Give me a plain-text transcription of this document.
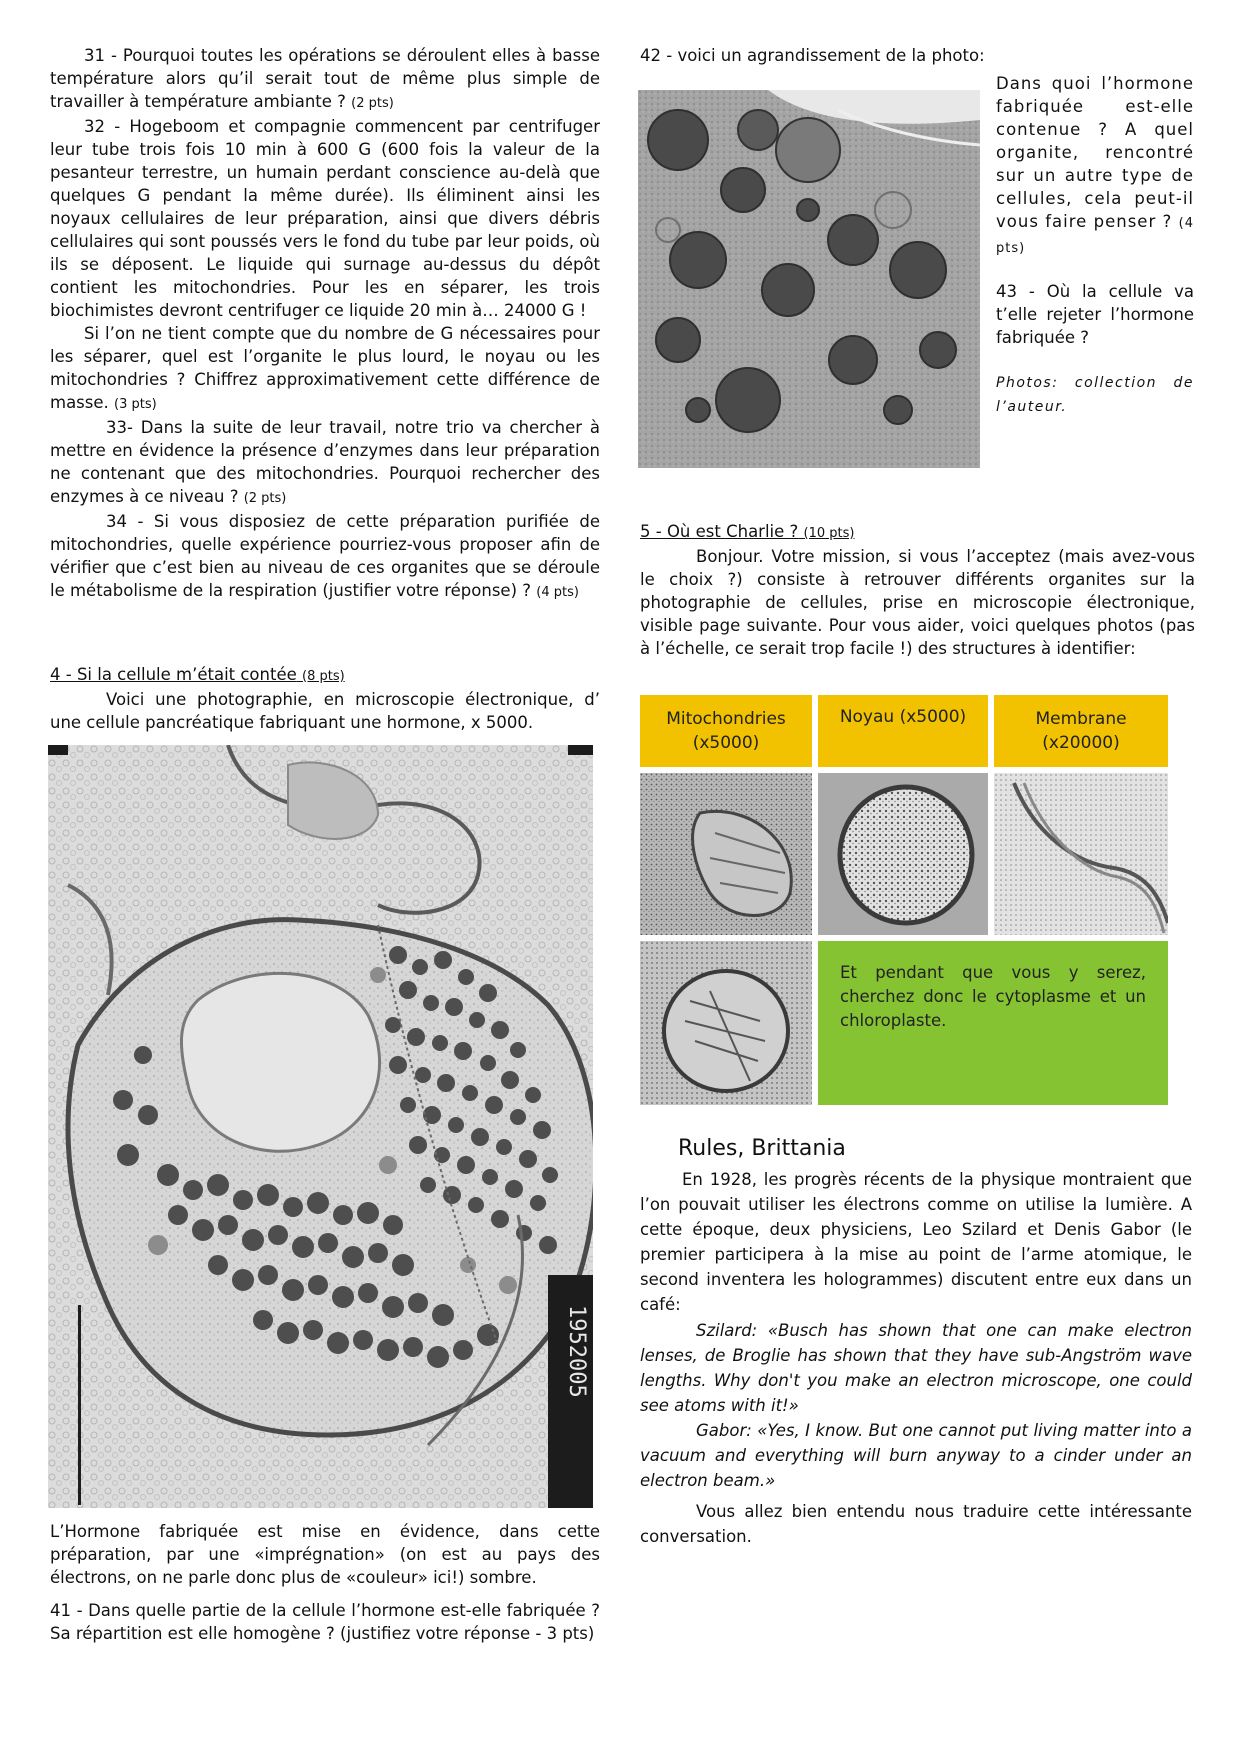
31 - Pourquoi toutes les opérations se déroulent elles à basse température alors qu’il serait tout de même plus simple de travailler à température ambiante ? (2 pts)

32 - Hogeboom et compagnie commencent par centrifuger leur tube trois fois 10 min à 600 G (600 fois la valeur de la pesanteur terrestre, un humain perdant conscience au-delà que quelques G pendant la même durée). Ils éliminent ainsi les noyaux cellulaires de leur préparation, ainsi que divers débris cellulaires qui sont poussés vers le fond du tube par leur poids, où ils se déposent. Le liquide qui surnage au-dessus du dépôt contient les mitochondries. Pour les en séparer, les trois biochimistes devront centrifuger ce liquide 20 min à… 24000 G !

Si l’on ne tient compte que du nombre de G nécessaires pour les séparer, quel est l’organite le plus lourd, le noyau ou les mitochondries ? Chiffrez approximativement cette différence de masse. (3 pts)

33- Dans la suite de leur travail, notre trio va chercher à mettre en évidence la présence d’enzymes dans leur préparation ne contenant que des mitochondries. Pourquoi rechercher des enzymes à ce niveau ? (2 pts)

34 - Si vous disposiez de cette préparation purifiée de mitochondries, quelle expérience pourriez-vous proposer afin de vérifier que c’est bien au niveau de ces organites que se déroule le métabolisme de la respiration (justifier votre réponse) ? (4 pts)

4 - Si la cellule m’était contée (8 pts)

Voici une photographie, en microscopie électronique, d’ une cellule pancréatique fabriquant une hormone, x 5000.

1952005

L’Hormone fabriquée est mise en évidence, dans cette préparation, par une «imprégnation» (on est au pays des électrons, on ne parle donc plus de «couleur» ici!) sombre.

41 - Dans quelle partie de la cellule l’hormone est-elle fabriquée ? Sa répartition est elle homogène ? (justifiez votre réponse - 3 pts)

42 - voici un agrandissement de la photo:

Dans quoi l’hormone fabriquée est-elle contenue ? A quel organite, rencontré sur un autre type de cellules, cela peut-il vous faire penser ? (4 pts)

43 - Où la cellule va t’elle rejeter l’hormone fabriquée ?

Photos: collection de l’auteur.

5 - Où est Charlie ? (10 pts)

Bonjour. Votre mission, si vous l’acceptez (mais avez-vous le choix ?) consiste à retrouver différents organites sur la photographie de cellules, prise en microscopie électronique, visible page suivante. Pour vous aider, voici quelques photos (pas à l’échelle, ce serait trop facile !) des structures à identifier:

Mitochondries
(x5000)
Noyau (x5000)	Membrane
(x20000)
Et pendant que vous y serez, cherchez donc le cytoplasme et un chloroplaste.
Rules, Brittania

En 1928, les progrès récents de la physique montraient que l’on pouvait utiliser les électrons comme on utilise la lumière. A cette époque, deux physiciens, Leo Szilard et Denis Gabor (le premier participera à la mise au point de l’arme atomique, le second inventera les hologrammes) discutent entre eux dans un café:

Szilard: «Busch has shown that one can make electron lenses, de Broglie has shown that they have sub-Angström wave lengths. Why don't you make an electron microscope, one could see atoms with it!»

Gabor: «Yes, I know. But one cannot put living matter into a vacuum and everything will burn anyway to a cinder under an electron beam.»

Vous allez bien entendu nous traduire cette intéressante conversation.
